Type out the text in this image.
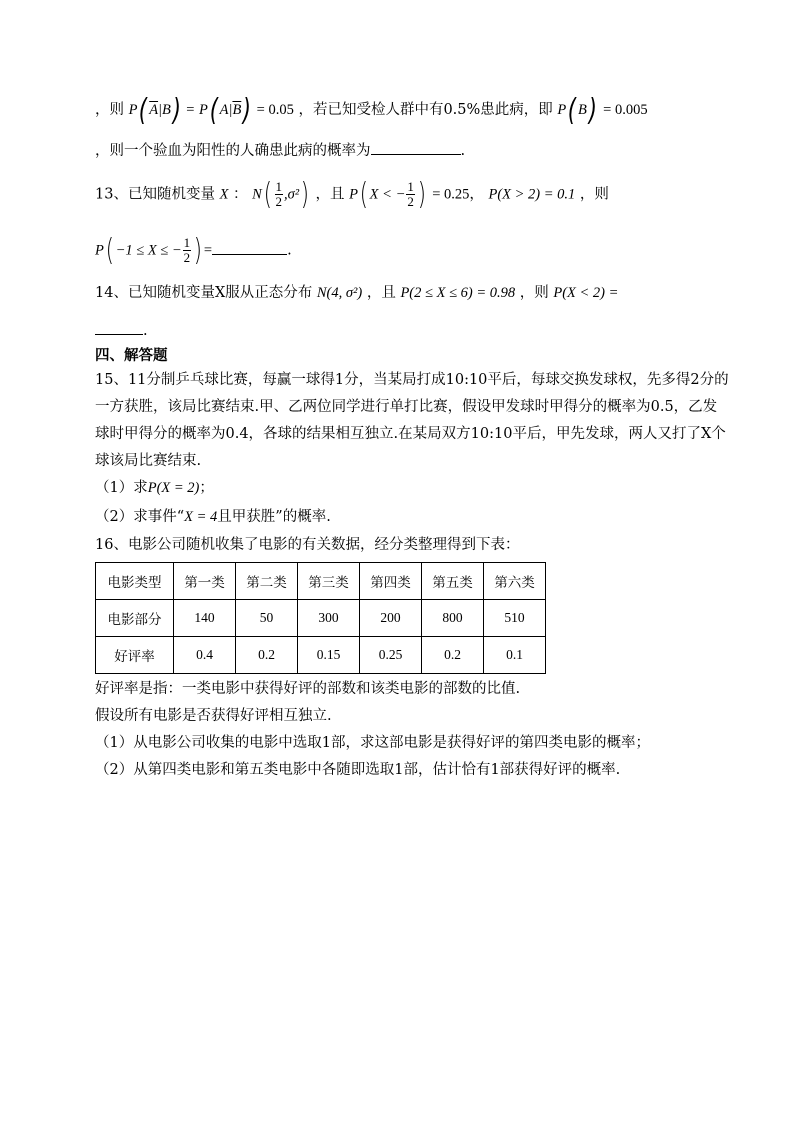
，则 P( $\overline{A}|B) = P$( $A|\overline{B}) = 0.05$ ，若已知受检人群中有0.5%患此病，即 P( B) = 0.005
，则一个验血为阳性的人确患此病的概率为	.
13、已知随机变量 X ： $N( \frac{1}{2} ,\sigma^2)$ ，且 P( X < − $\frac{1}{2}$ ) = 0.25， P(X > 2) = 0.1 ，则
P( −1 ≤ X ≤ − $\frac{1}{2}$ ) =	.
14、已知随机变量X服从正态分布 N(4, σ²) ，且 P(2 ≤ X ≤ 6) = 0.98 ，则 P(X < 2) =
.
四、解答题
15、11分制乒乓球比赛，每赢一球得1分，当某局打成10:10平后，每球交换发球权，先多得2分的
一方获胜，该局比赛结束.甲、乙两位同学进行单打比赛，假设甲发球时甲得分的概率为0.5，乙发
球时甲得分的概率为0.4，各球的结果相互独立.在某局双方10:10平后，甲先发球，两人又打了X个
球该局比赛结束.
（1）求P(X = 2)；
（2）求事件“X = 4且甲获胜”的概率.
16、电影公司随机收集了电影的有关数据，经分类整理得到下表：
电影类型	第一类	第二类	第三类	第四类	第五类	第六类
电影部分	140	50	300	200	800	510
好评率	0.4	0.2	0.15	0.25	0.2	0.1
好评率是指：一类电影中获得好评的部数和该类电影的部数的比值.
假设所有电影是否获得好评相互独立.
（1）从电影公司收集的电影中选取1部，求这部电影是获得好评的第四类电影的概率；
（2）从第四类电影和第五类电影中各随即选取1部，估计恰有1部获得好评的概率.
